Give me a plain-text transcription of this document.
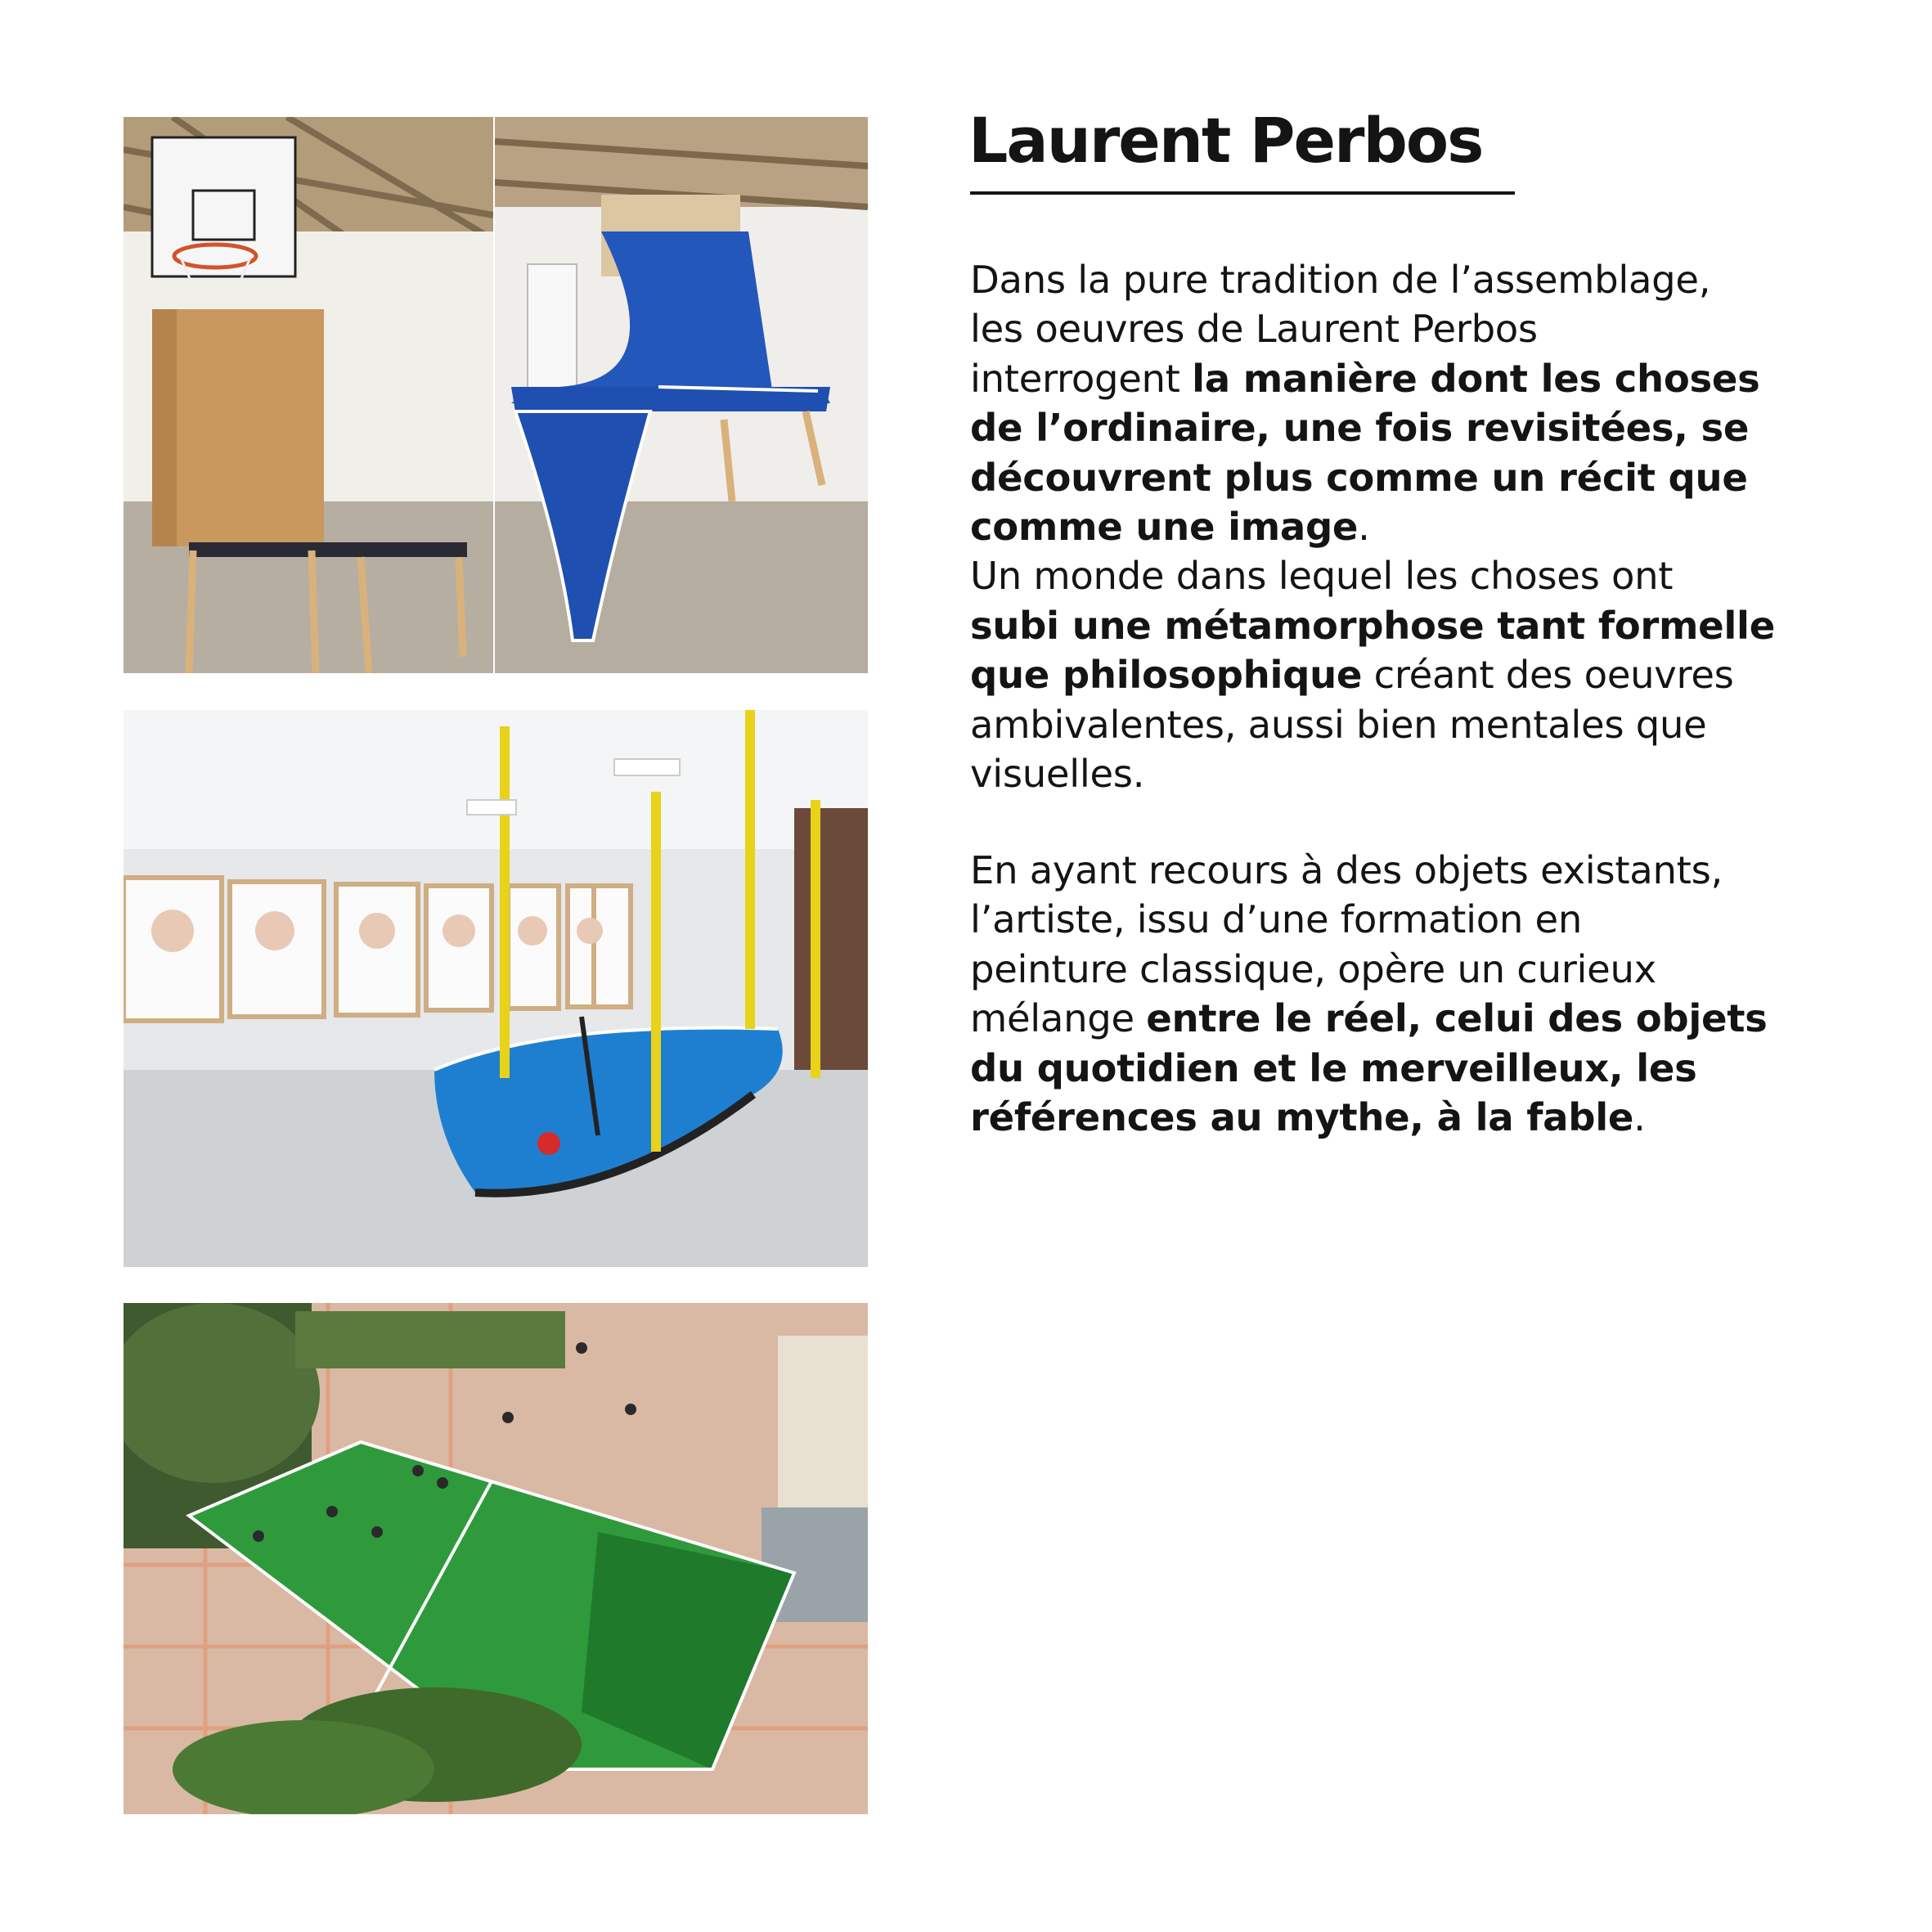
Laurent Perbos

Dans la pure tradition de l’assemblage,
les oeuvres de Laurent Perbos
interrogent la manière dont les choses
de l’ordinaire, une fois revisitées, se
découvrent plus comme un récit que
comme une image.
Un monde dans lequel les choses ont
subi une métamorphose tant formelle
que philosophique créant des oeuvres
ambivalentes, aussi bien mentales que
visuelles.

En ayant recours à des objets existants,
l’artiste, issu d’une formation en
peinture classique, opère un curieux
mélange entre le réel, celui des objets
du quotidien et le merveilleux, les
références au mythe, à la fable.
